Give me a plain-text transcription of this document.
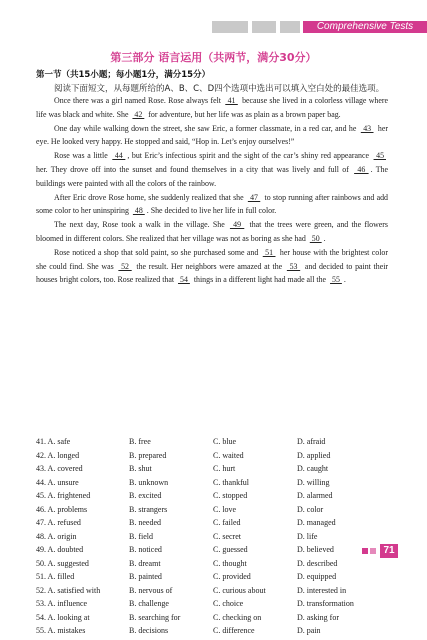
Comprehensive Tests
第三部分 语言运用（共两节，满分30分）
第一节（共15小题；每小题1分，满分15分）
阅读下面短文，从每题所给的A、B、C、D四个选项中选出可以填入空白处的最佳选项。

Once there was a girl named Rose. Rose always felt  41  because she lived in a colorless village where life was black and white. She  42  for adventure, but her life was as plain as a brown paper bag.

One day while walking down the street, she saw Eric, a former classmate, in a red car, and he  43  her eye. He looked very happy. He stopped and said, “Hop in. Let’s enjoy ourselves!”

Rose was a little  44 , but Eric’s infectious spirit and the sight of the car’s shiny red appearance  45  her. They drove off into the sunset and found themselves in a city that was lively and full of  46 . The buildings were painted with all the colors of the rainbow.

After Eric drove Rose home, she suddenly realized that she  47  to stop running after rainbows and add some color to her uninspiring  48 . She decided to live her life in full color.

The next day, Rose took a walk in the village. She  49  that the trees were green, and the flowers bloomed in different colors. She realized that her village was not as boring as she had  50 .

Rose noticed a shop that sold paint, so she purchased some and  51  her house with the brightest color she could find. She was  52  the result. Her neighbors were amazed at the  53  and decided to paint their houses bright colors, too. Rose realized that  54  things in a different light had made all the  55 .

41. A. safe	B. free	C. blue	D. afraid
42. A. longed	B. prepared	C. waited	D. applied
43. A. covered	B. shut	C. hurt	D. caught
44. A. unsure	B. unknown	C. thankful	D. willing
45. A. frightened	B. excited	C. stopped	D. alarmed
46. A. problems	B. strangers	C. love	D. color
47. A. refused	B. needed	C. failed	D. managed
48. A. origin	B. field	C. secret	D. life
49. A. doubted	B. noticed	C. guessed	D. believed
50. A. suggested	B. dreamt	C. thought	D. described
51. A. filled	B. painted	C. provided	D. equipped
52. A. satisfied with	B. nervous of	C. curious about	D. interested in
53. A. influence	B. challenge	C. choice	D. transformation
54. A. looking at	B. searching for	C. checking on	D. asking for
55. A. mistakes	B. decisions	C. difference	D. pain
71
